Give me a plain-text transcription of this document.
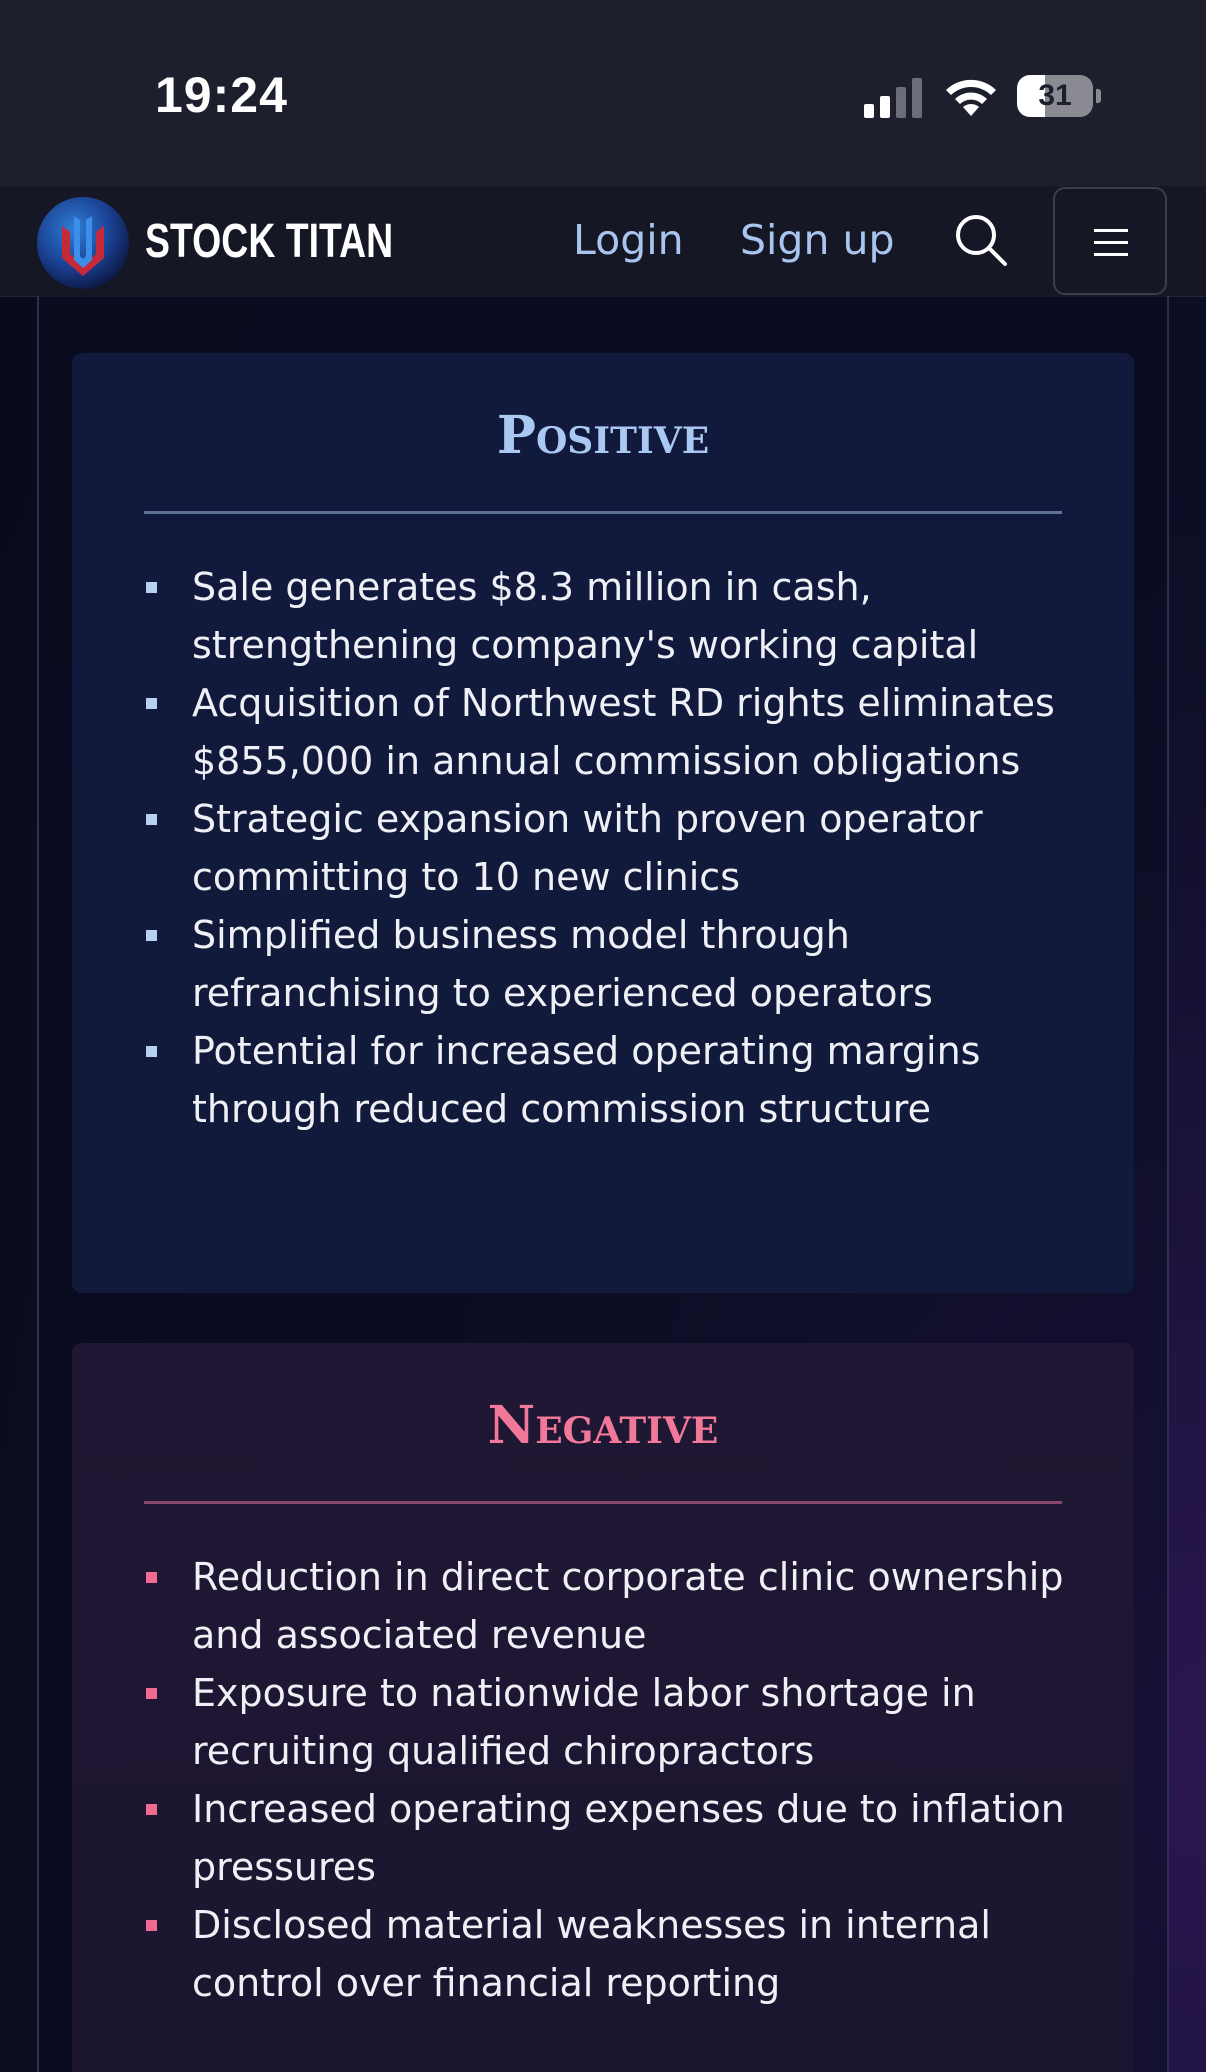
19:24	31
STOCK TITAN	Login Sign up
Positive
Sale generates $8.3 million in cash, strengthening company's working capital
Acquisition of Northwest RD rights eliminates $855,000 in annual commission obligations
Strategic expansion with proven operator committing to 10 new clinics
Simplified business model through refranchising to experienced operators
Potential for increased operating margins through reduced commission structure
Negative
Reduction in direct corporate clinic ownership and associated revenue
Exposure to nationwide labor shortage in recruiting qualified chiropractors
Increased operating expenses due to inflation pressures
Disclosed material weaknesses in internal control over financial reporting
